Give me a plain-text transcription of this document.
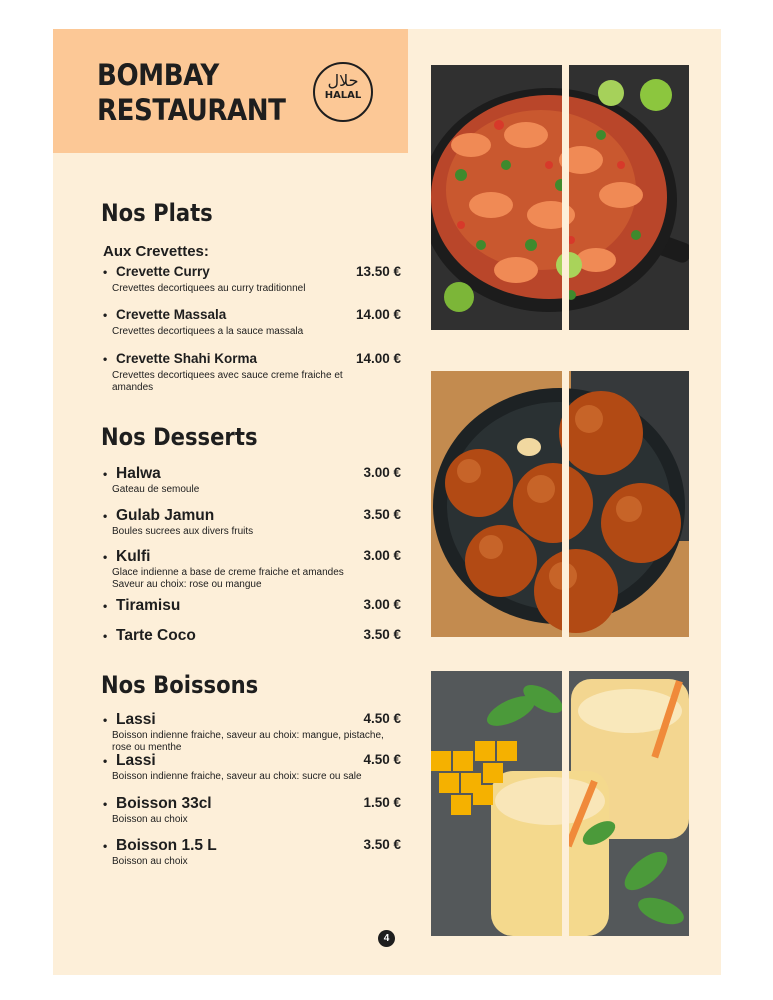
BOMBAY
RESTAURANT
حلال
HALAL
Nos Plats
Aux Crevettes:
• Crevette Curry	13.50 €
Crevettes decortiquees au curry traditionnel
• Crevette Massala	14.00 €
Crevettes decortiquees a la sauce massala
• Crevette Shahi Korma	14.00 €
Crevettes decortiquees avec sauce creme fraiche et amandes
Nos Desserts
• Halwa	3.00 €
Gateau de semoule
• Gulab Jamun	3.50 €
Boules sucrees aux divers fruits
• Kulfi	3.00 €
Glace indienne a base de creme fraiche et amandes
Saveur au choix: rose ou mangue
• Tiramisu	3.00 €
• Tarte Coco	3.50 €
Nos Boissons
• Lassi	4.50 €
Boisson indienne fraiche, saveur au choix: mangue, pistache, rose ou menthe
• Lassi	4.50 €
Boisson indienne fraiche, saveur au choix: sucre ou sale
• Boisson 33cl	1.50 €
Boisson au choix
• Boisson 1.5 L	3.50 €
Boisson au choix
4
